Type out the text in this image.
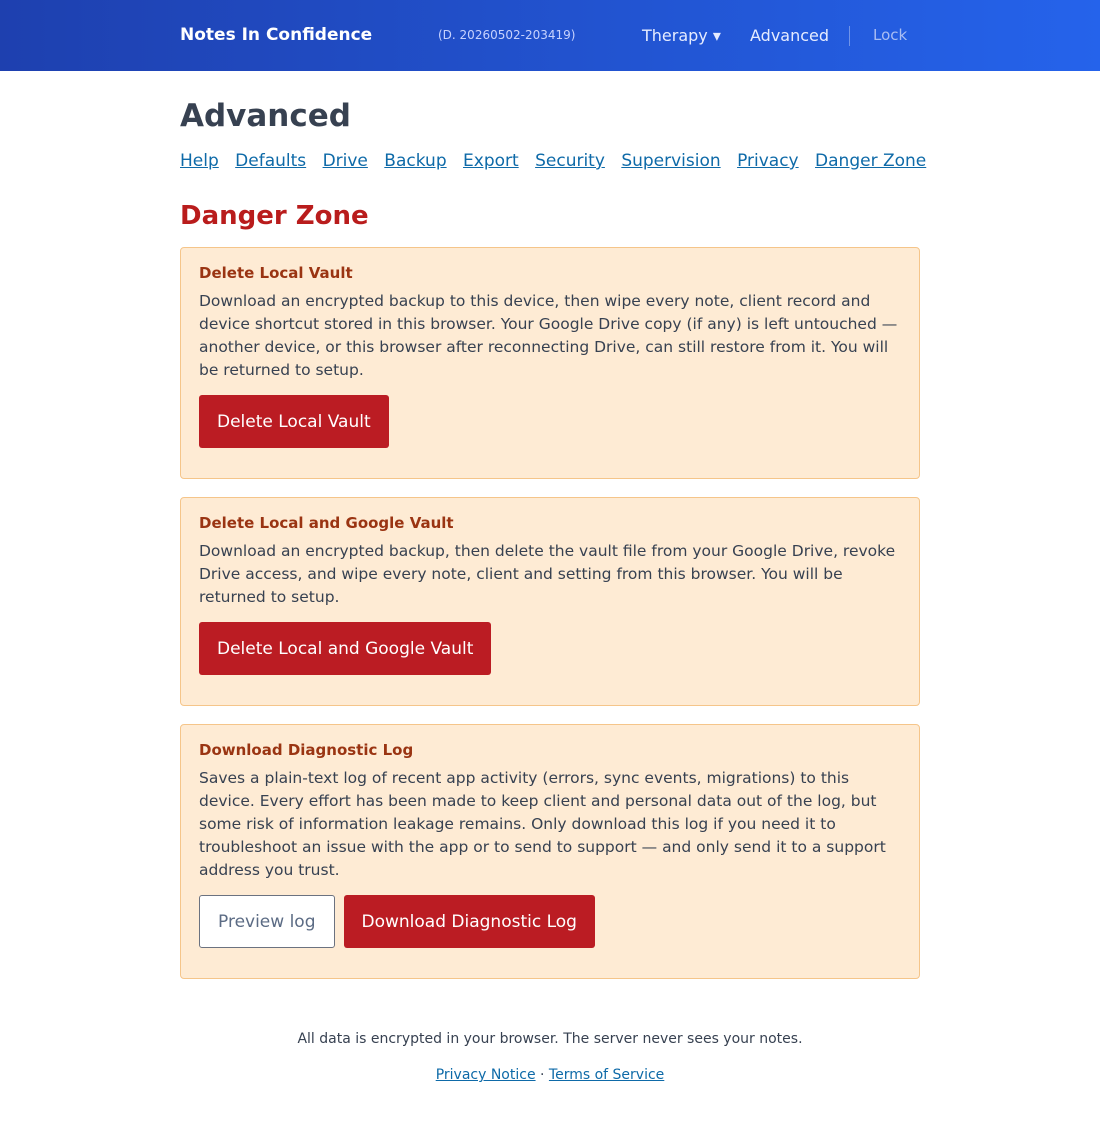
Notes In Confidence	(D. 20260502-203419)	Therapy ▾ Advanced	Lock
Advanced
Help Defaults Drive Backup Export Security Supervision Privacy Danger Zone
Danger Zone
Delete Local Vault

Download an encrypted backup to this device, then wipe every note, client record and device shortcut stored in this browser. Your Google Drive copy (if any) is left untouched — another device, or this browser after reconnecting Drive, can still restore from it. You will be returned to setup.

Delete Local Vault
Delete Local and Google Vault

Download an encrypted backup, then delete the vault file from your Google Drive, revoke Drive access, and wipe every note, client and setting from this browser. You will be returned to setup.

Delete Local and Google Vault
Download Diagnostic Log

Saves a plain-text log of recent app activity (errors, sync events, migrations) to this device. Every effort has been made to keep client and personal data out of the log, but some risk of information leakage remains. Only download this log if you need it to troubleshoot an issue with the app or to send to support — and only send it to a support address you trust.

Preview log	Download Diagnostic Log
All data is encrypted in your browser. The server never sees your notes.
Privacy Notice · Terms of Service
